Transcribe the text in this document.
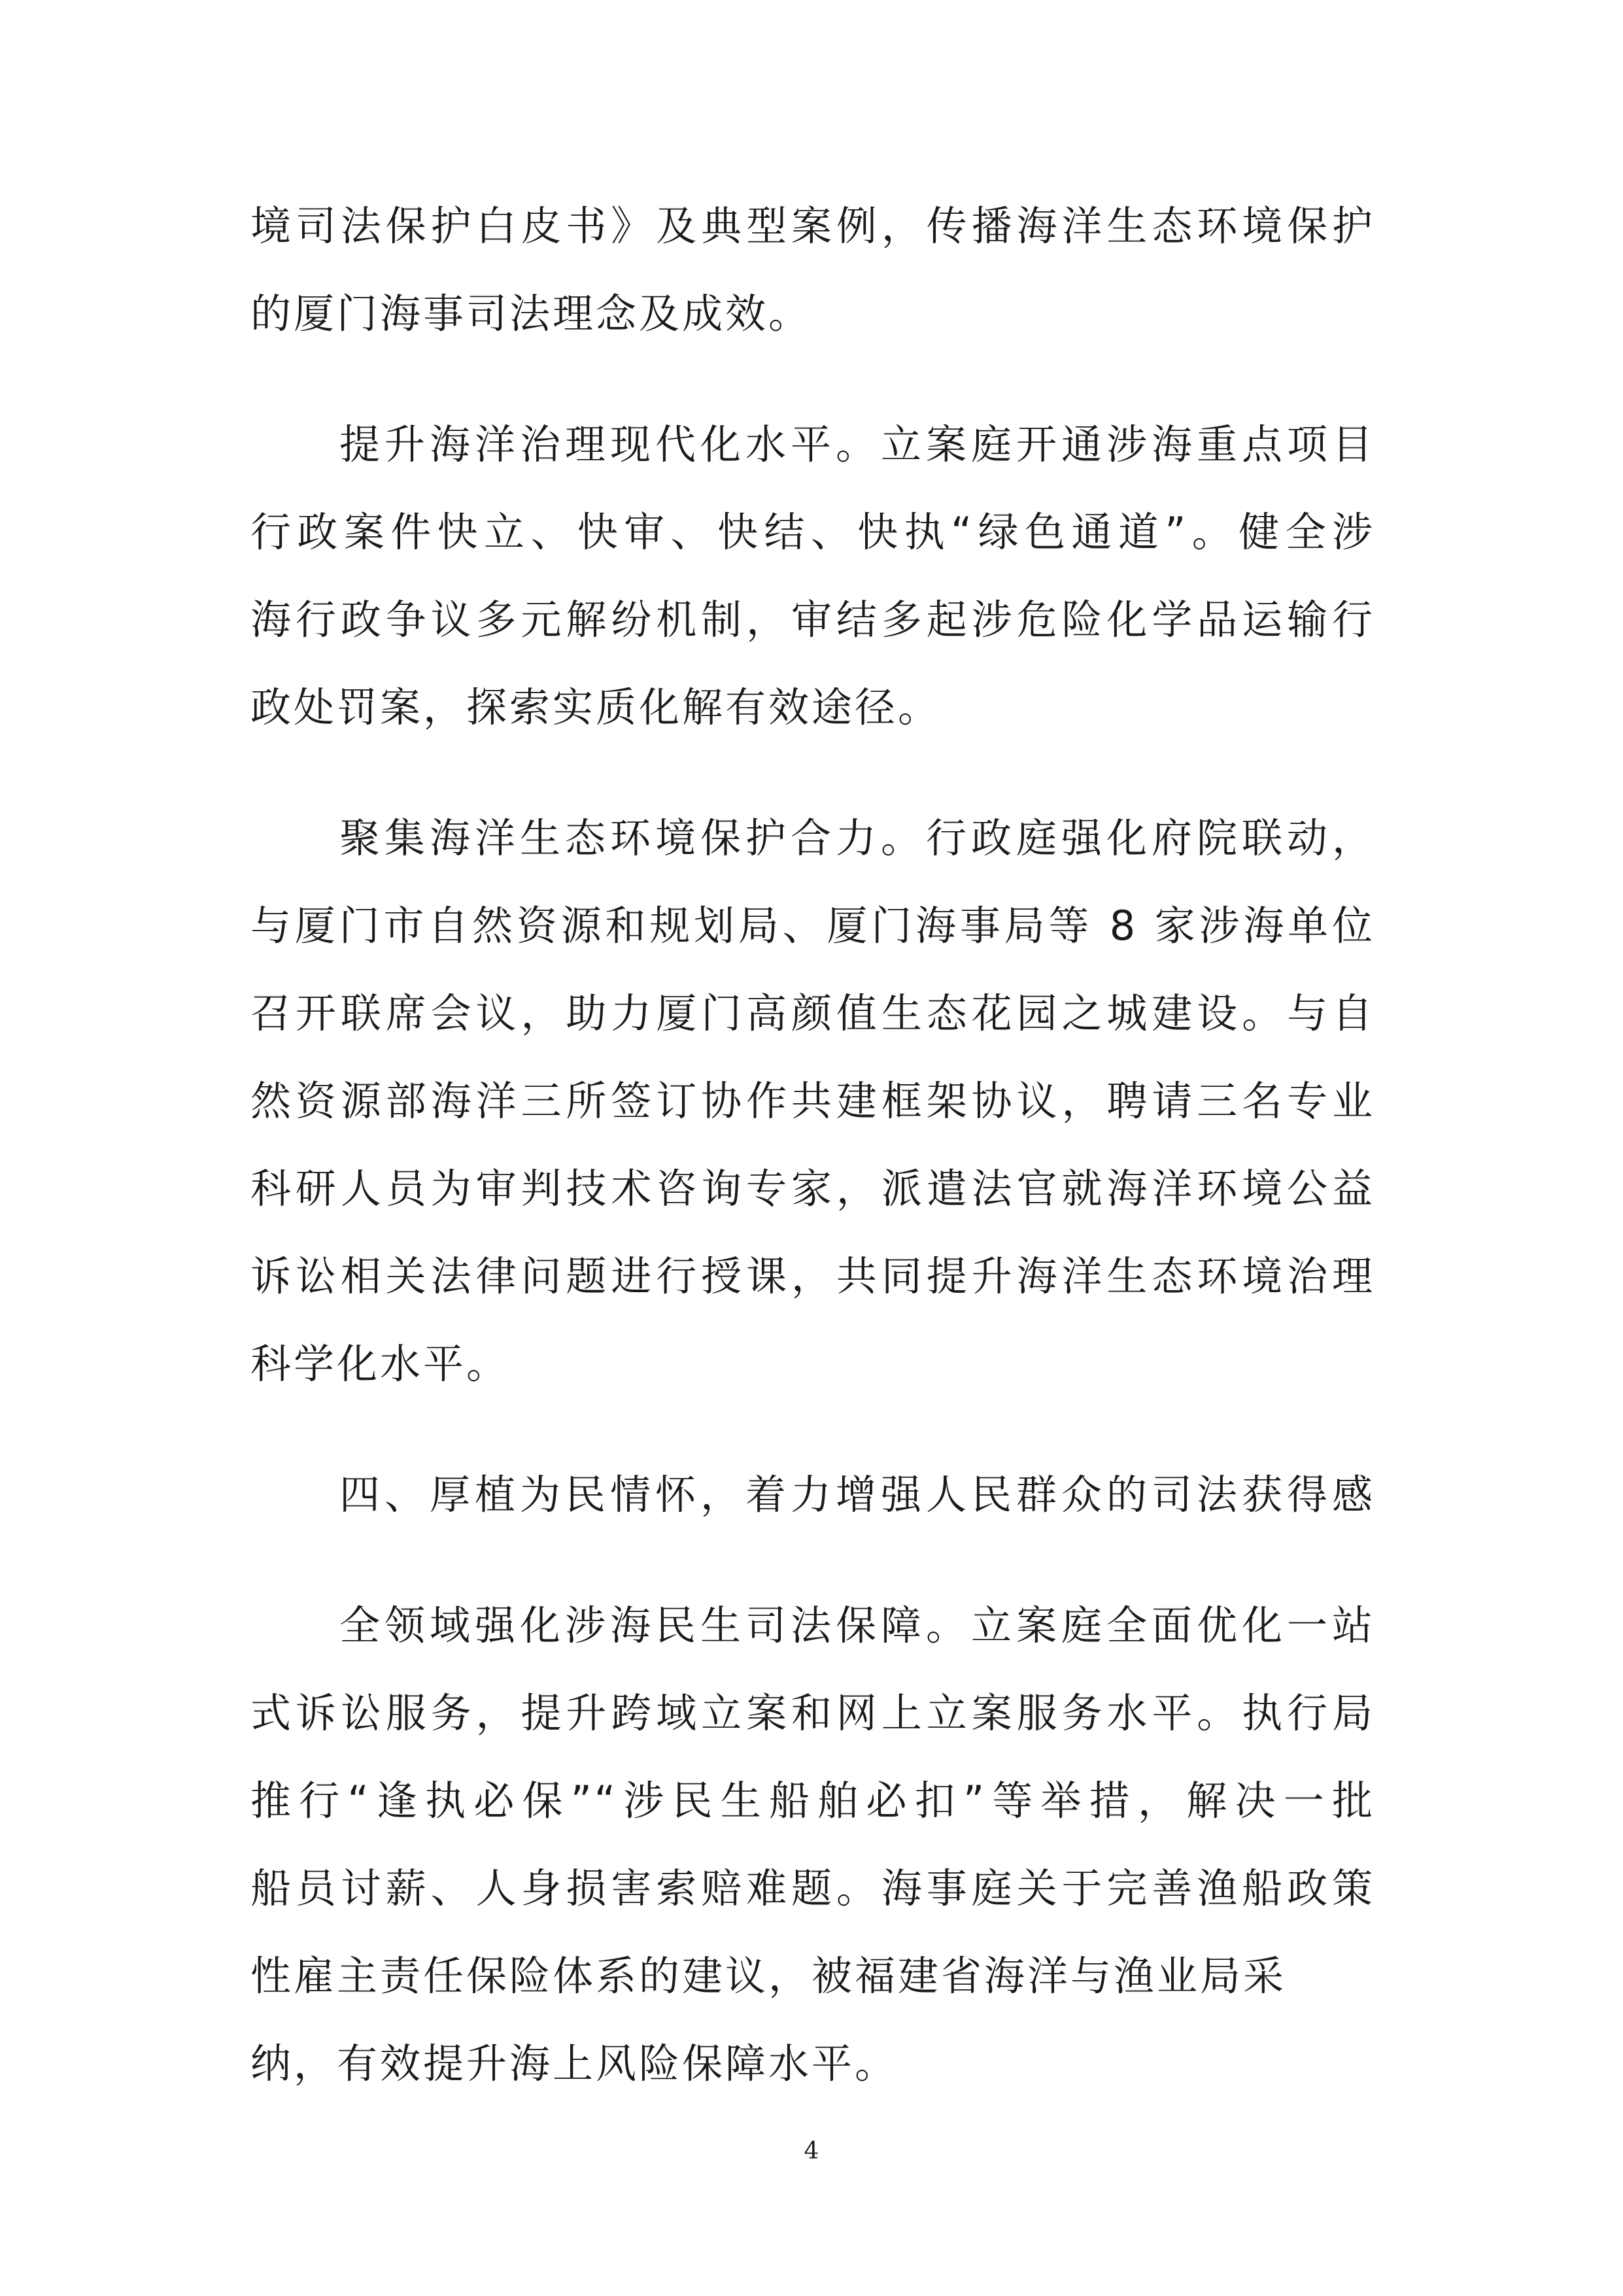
境司法保护白皮书》及典型案例，传播海洋生态环境保护
的厦门海事司法理念及成效。
提升海洋治理现代化水平。立案庭开通涉海重点项目
行政案件快立、快审、快结、快执“绿色通道”。健全涉
海行政争议多元解纷机制，审结多起涉危险化学品运输行
政处罚案，探索实质化解有效途径。
聚集海洋生态环境保护合力。行政庭强化府院联动，
与厦门市自然资源和规划局、厦门海事局等 8 家涉海单位
召开联席会议，助力厦门高颜值生态花园之城建设。与自
然资源部海洋三所签订协作共建框架协议，聘请三名专业
科研人员为审判技术咨询专家，派遣法官就海洋环境公益
诉讼相关法律问题进行授课，共同提升海洋生态环境治理
科学化水平。
四、厚植为民情怀，着力增强人民群众的司法获得感
全领域强化涉海民生司法保障。立案庭全面优化一站
式诉讼服务，提升跨域立案和网上立案服务水平。执行局
推行“逢执必保”“涉民生船舶必扣”等举措，解决一批
船员讨薪、人身损害索赔难题。海事庭关于完善渔船政策
性雇主责任保险体系的建议，被福建省海洋与渔业局采
纳，有效提升海上风险保障水平。
4
